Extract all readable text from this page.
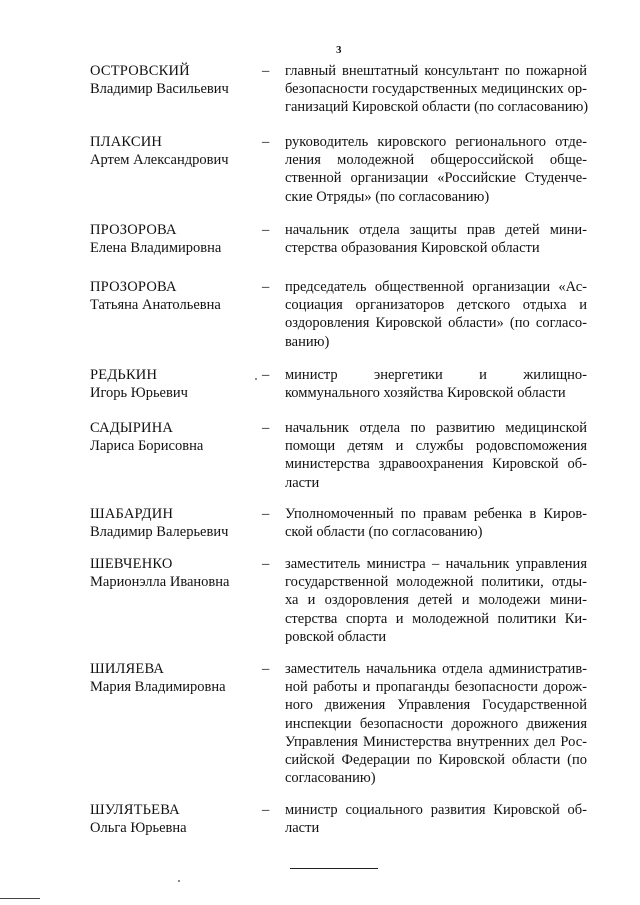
3
ОСТРОВСКИЙ
Владимир Васильевич
– главный внештатный консультант по пожарной
безопасности государственных медицинских ор-
ганизаций Кировской области (по согласованию)
ПЛАКСИН
Артем Александрович
– руководитель кировского регионального отде-
ления молодежной общероссийской обще-
ственной организации «Российские Студенче-
ские Отряды» (по согласованию)
ПРОЗОРОВА
Елена Владимировна
– начальник отдела защиты прав детей мини-
стерства образования Кировской области
ПРОЗОРОВА
Татьяна Анатольевна
– председатель общественной организации «Ас-
социация организаторов детского отдыха и
оздоровления Кировской области» (по согласо-
ванию)
РЕДЬКИН
Игорь Юрьевич
– министр энергетики и жилищно-
коммунального хозяйства Кировской области
САДЫРИНА
Лариса Борисовна
– начальник отдела по развитию медицинской
помощи детям и службы родовспоможения
министерства здравоохранения Кировской об-
ласти
ШАБАРДИН
Владимир Валерьевич
– Уполномоченный по правам ребенка в Киров-
ской области (по согласованию)
ШЕВЧЕНКО
Марионэлла Ивановна
– заместитель министра – начальник управления
государственной молодежной политики, отды-
ха и оздоровления детей и молодежи мини-
стерства спорта и молодежной политики Ки-
ровской области
ШИЛЯЕВА
Мария Владимировна
– заместитель начальника отдела административ-
ной работы и пропаганды безопасности дорож-
ного движения Управления Государственной
инспекции безопасности дорожного движения
Управления Министерства внутренних дел Рос-
сийской Федерации по Кировской области (по
согласованию)
ШУЛЯТЬЕВА
Ольга Юрьевна
– министр социального развития Кировской об-
ласти
